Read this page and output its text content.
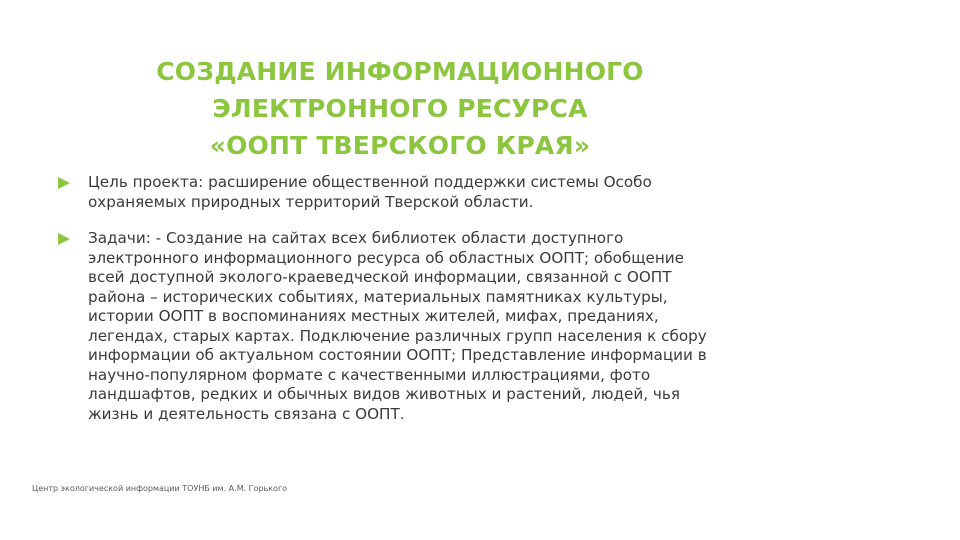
СОЗДАНИЕ ИНФОРМАЦИОННОГО
ЭЛЕКТРОННОГО РЕСУРСА
«ООПТ ТВЕРСКОГО КРАЯ»
Цель проекта: расширение общественной поддержки системы Особо охраняемых природных территорий Тверской области.
Задачи: - Создание на сайтах всех библиотек области доступного электронного информационного ресурса об областных ООПТ; обобщение всей доступной эколого-краеведческой информации, связанной с ООПТ района – исторических событиях, материальных памятниках культуры, истории ООПТ в воспоминаниях местных жителей, мифах, преданиях, легендах, старых картах. Подключение различных групп населения к сбору информации об актуальном состоянии ООПТ; Представление информации в научно-популярном формате с качественными иллюстрациями, фото ландшафтов, редких и обычных видов животных и растений, людей, чья жизнь и деятельность связана с ООПТ.
Центр экологической информации ТОУНБ им. А.М. Горького
